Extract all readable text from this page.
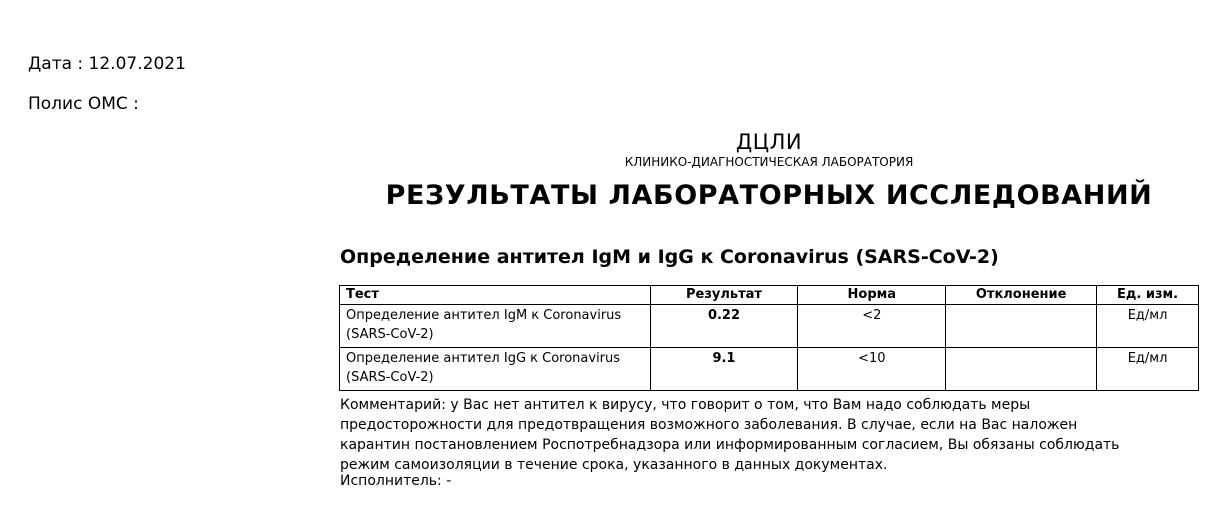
Дата : 12.07.2021
Полис ОМС :
ДЦЛИ
КЛИНИКО-ДИАГНОСТИЧЕСКАЯ ЛАБОРАТОРИЯ
РЕЗУЛЬТАТЫ ЛАБОРАТОРНЫХ ИССЛЕДОВАНИЙ
Определение антител IgM и IgG к Coronavirus (SARS-CoV-2)
Тест	Результат	Норма	Отклонение	Ед. изм.

Определение антител IgM к Coronavirus
(SARS-CoV-2)	0.22	<2		Ед/мл

Определение антител IgG к Coronavirus
(SARS-CoV-2)	9.1	<10		Ед/мл
Комментарий: у Вас нет антител к вирусу, что говорит о том, что Вам надо соблюдать меры
предосторожности для предотвращения возможного заболевания. В случае, если на Вас наложен
карантин постановлением Роспотребнадзора или информированным согласием, Вы обязаны соблюдать
режим самоизоляции в течение срока, указанного в данных документах.
Исполнитель: -
